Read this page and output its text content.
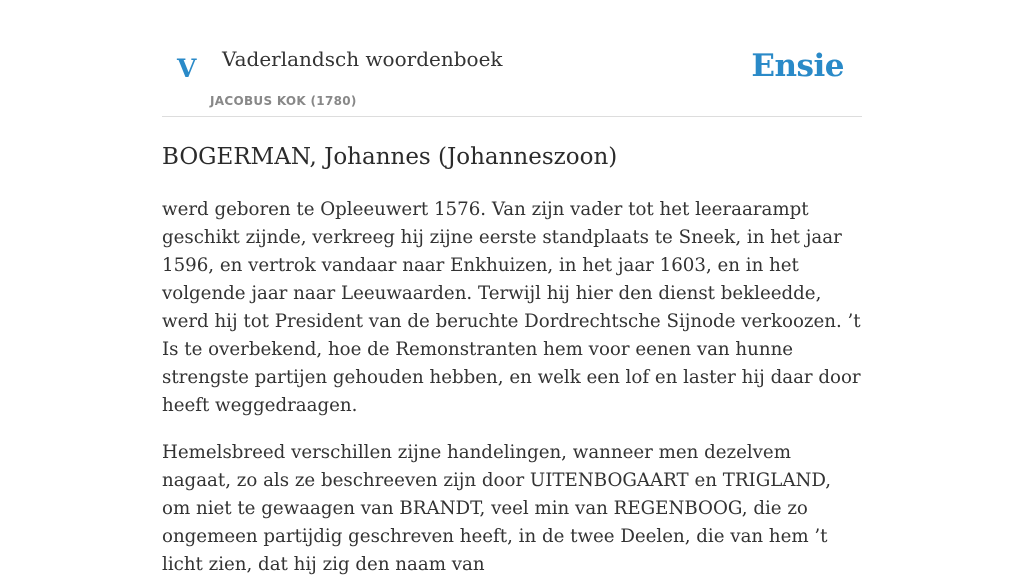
V Vaderlandsch woordenboek
JACOBUS KOK (1780)
Ensie
BOGERMAN, Johannes (Johanneszoon)

werd geboren te Opleeuwert 1576. Van zijn vader tot het leeraarampt geschikt zijnde, verkreeg hij zijne eerste standplaats te Sneek, in het jaar 1596, en vertrok vandaar naar Enkhuizen, in het jaar 1603, en in het volgende jaar naar Leeuwaarden. Terwijl hij hier den dienst bekleedde, werd hij tot President van de beruchte Dordrechtsche Sijnode verkoozen. ’t Is te overbekend, hoe de Remonstranten hem voor eenen van hunne strengste partijen gehouden hebben, en welk een lof en laster hij daar door heeft weggedraagen.

Hemelsbreed verschillen zijne handelingen, wanneer men dezelvem nagaat, zo als ze beschreeven zijn door UITENBOGAART en TRIGLAND, om niet te gewaagen van BRANDT, veel min van REGENBOOG, die zo ongemeen partijdig geschreven heeft, in de twee Deelen, die van hem ’t licht zien, dat hij zig den naam van
